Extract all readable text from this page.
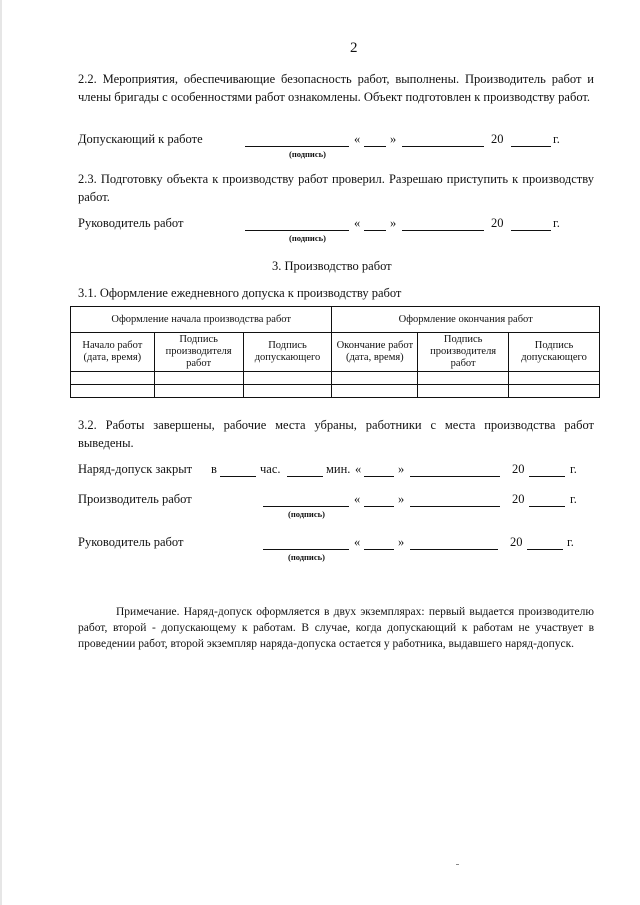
2
2.2. Мероприятия, обеспечивающие безопасность работ, выполнены. Производитель работ и члены бригады с особенностями работ ознакомлены. Объект подготовлен к производству работ.
Допускающий к работе
(подпись)
« »	20	г.
2.3. Подготовку объекта к производству работ проверил. Разрешаю приступить к производству работ.
Руководитель работ
(подпись)
« »	20	г.
3. Производство работ
3.1. Оформление ежедневного допуска к производству работ
Оформление начала производства работ			Оформление окончания работ		
Начало работ (дата, время)	Подпись производителя работ	Подпись допускающего	Окончание работ (дата, время)	Подпись производителя работ	Подпись допускающего

3.2. Работы завершены, рабочие места убраны, работники с места производства работ выведены.
Наряд-допуск закрыт в	час.	мин. «	»	20	г.
Производитель работ
(подпись)
«	»	20	г.
Руководитель работ
(подпись)
«	»	20	г.
Примечание. Наряд-допуск оформляется в двух экземплярах: первый выдается производителю работ, второй - допускающему к работам. В случае, когда допускающий к работам не участвует в проведении работ, второй экземпляр наряда-допуска остается у работника, выдавшего наряд-допуск.
